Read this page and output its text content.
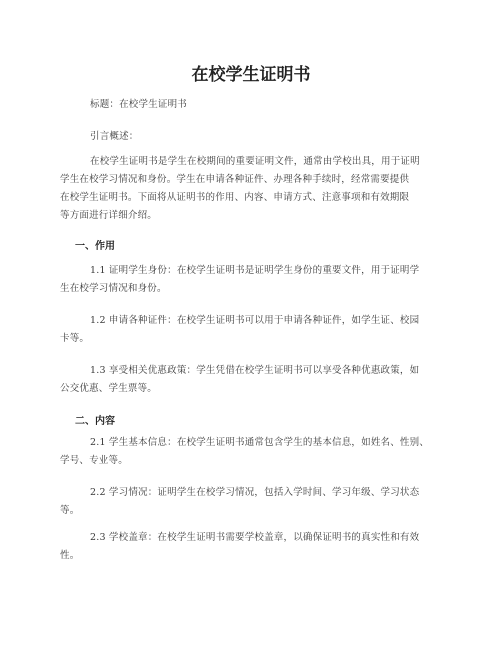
在校学生证明书

标题：在校学生证明书

引言概述：

在校学生证明书是学生在校期间的重要证明文件，通常由学校出具，用于证明
学生在校学习情况和身份。学生在申请各种证件、办理各种手续时，经常需要提供
在校学生证明书。下面将从证明书的作用、内容、申请方式、注意事项和有效期限
等方面进行详细介绍。

一、作用

1.1 证明学生身份：在校学生证明书是证明学生身份的重要文件，用于证明学
生在校学习情况和身份。

1.2 申请各种证件：在校学生证明书可以用于申请各种证件，如学生证、校园
卡等。

1.3 享受相关优惠政策：学生凭借在校学生证明书可以享受各种优惠政策，如
公交优惠、学生票等。

二、内容

2.1 学生基本信息：在校学生证明书通常包含学生的基本信息，如姓名、性别、
学号、专业等。

2.2 学习情况：证明学生在校学习情况，包括入学时间、学习年级、学习状态
等。

2.3 学校盖章：在校学生证明书需要学校盖章，以确保证明书的真实性和有效
性。
